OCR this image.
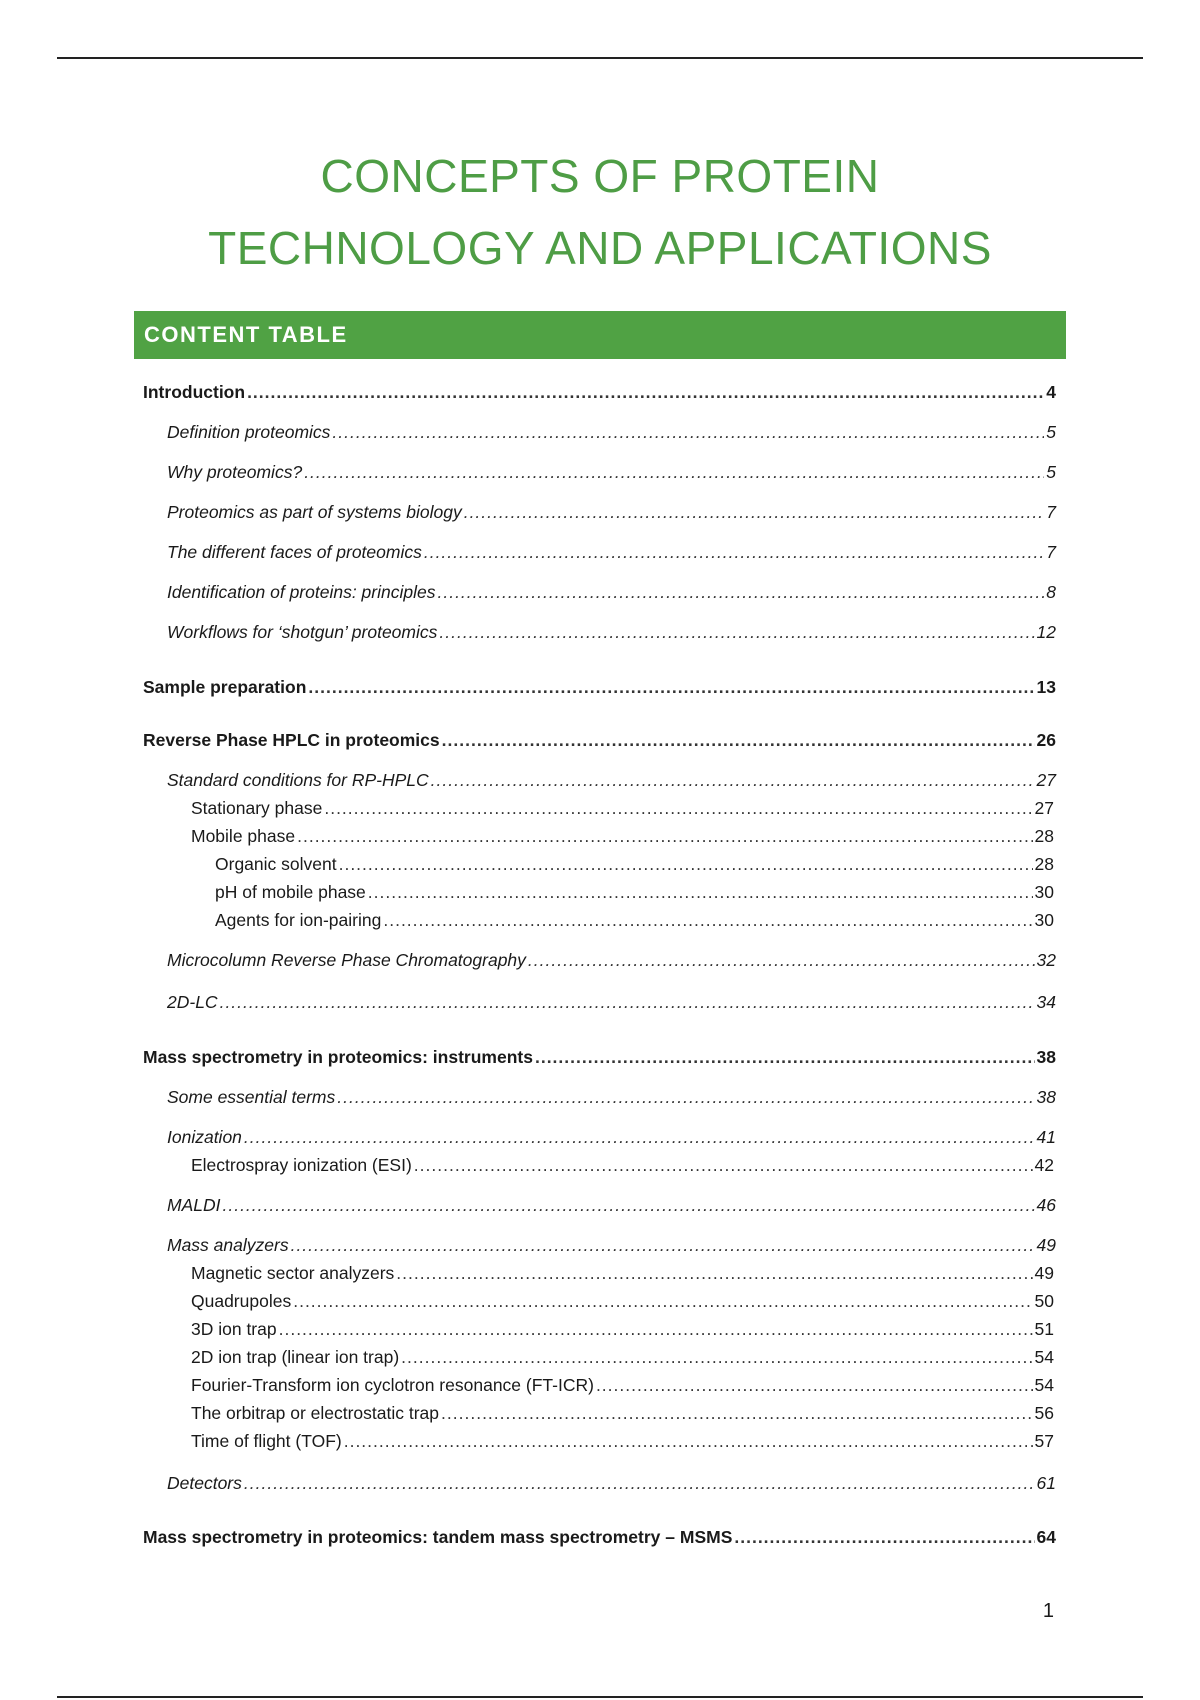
CONCEPTS OF PROTEIN
TECHNOLOGY AND APPLICATIONS
CONTENT TABLE
Introduction .....	4
Definition proteomics .....	5
Why proteomics? .....	5
Proteomics as part of systems biology .....	7
The different faces of proteomics .....	7
Identification of proteins: principles .....	8
Workflows for ‘shotgun’ proteomics .....	12
Sample preparation .....	13
Reverse Phase HPLC in proteomics .....	26
Standard conditions for RP-HPLC .....	27
Stationary phase .....	27
Mobile phase .....	28
Organic solvent .....	28
pH of mobile phase .....	30
Agents for ion-pairing .....	30
Microcolumn Reverse Phase Chromatography .....	32
2D-LC .....	34
Mass spectrometry in proteomics: instruments .....	38
Some essential terms .....	38
Ionization .....	41
Electrospray ionization (ESI) .....	42
MALDI .....	46
Mass analyzers .....	49
Magnetic sector analyzers .....	49
Quadrupoles .....	50
3D ion trap .....	51
2D ion trap (linear ion trap) .....	54
Fourier-Transform ion cyclotron resonance (FT-ICR) .....	54
The orbitrap or electrostatic trap .....	56
Time of flight (TOF) .....	57
Detectors .....	61
Mass spectrometry in proteomics: tandem mass spectrometry – MSMS .....	64
1
